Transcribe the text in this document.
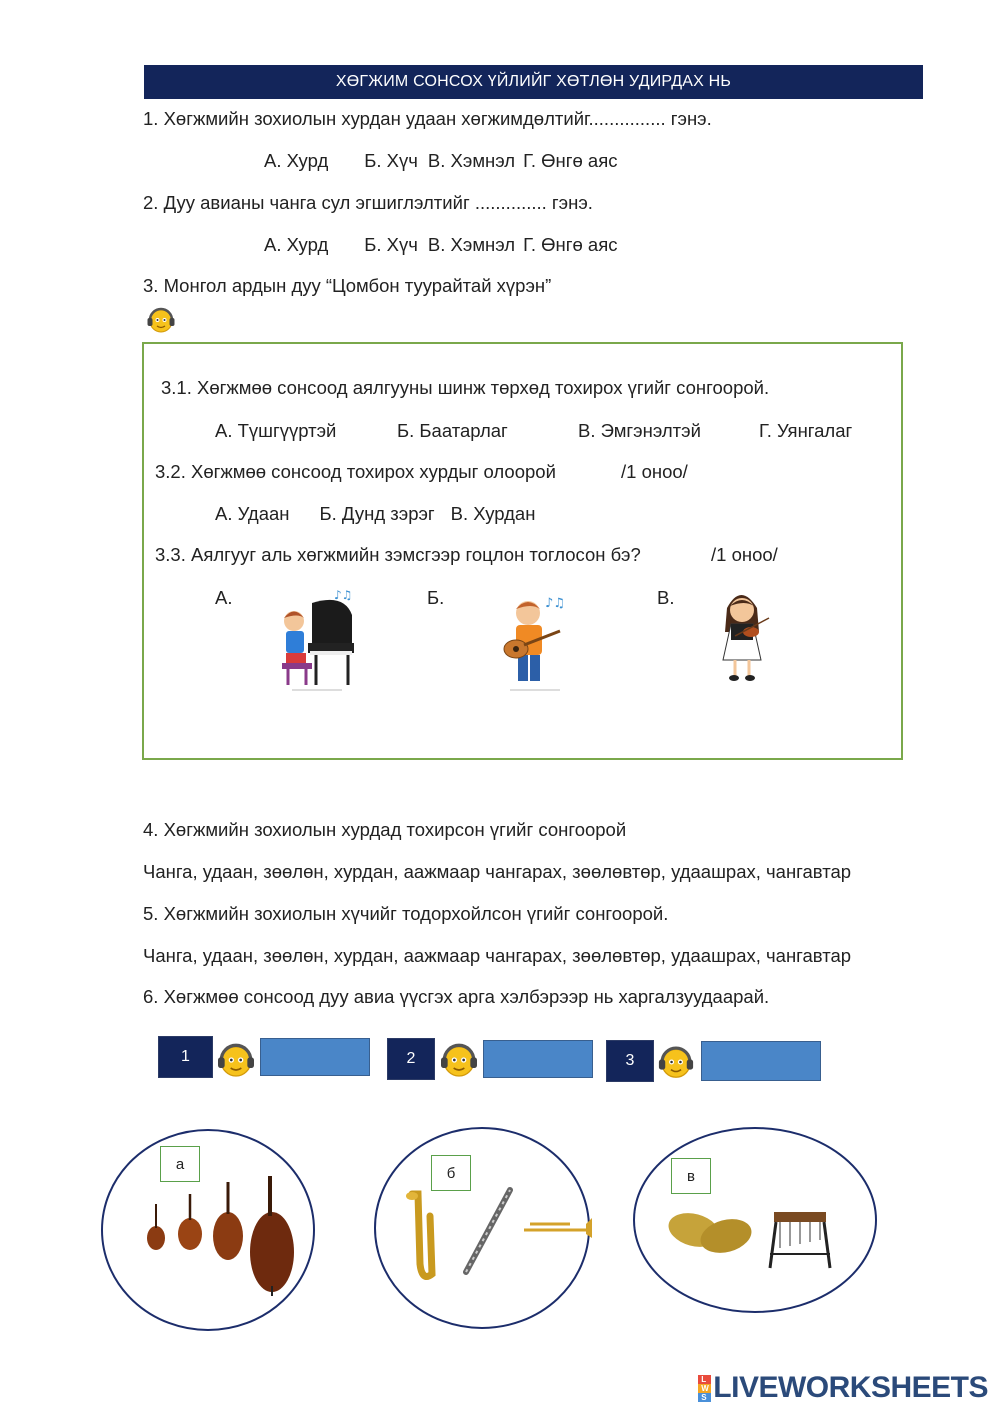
ХӨГЖИМ СОНСОХ ҮЙЛИЙГ ХӨТЛӨН УДИРДАХ НЬ
1. Хөгжмийн зохиолын хурдан удаан хөгжимдөлтийг............... гэнэ.
А. Хурд Б. Хүч В. Хэмнэл Г. Өнгө аяс
2. Дуу авианы чанга сул эгшиглэлтийг .............. гэнэ.
А. Хурд Б. Хүч В. Хэмнэл Г. Өнгө аяс
3. Монгол ардын дуу “Цомбон туурайтай хүрэн”
3.1. Хөгжмөө сонсоод аялгууны шинж төрхөд тохирох үгийг сонгоорой.
А. Түшгүүртэй	Б. Баатарлаг	В. Эмгэнэлтэй	Г. Уянгалаг
3.2. Хөгжмөө сонсоод тохирох хурдыг олоорой	/1 оноо/
А. Удаан Б. Дунд зэрэг В. Хурдан
3.3. Аялгууг аль хөгжмийн зэмсгээр гоцлон тоглосон бэ?	/1 оноо/
А.	Б.	В.
♪♫
♪♫
4. Хөгжмийн зохиолын хурдад тохирсон үгийг сонгоорой
Чанга, удаан, зөөлөн, хурдан, аажмаар чангарах, зөөлөвтөр, удаашрах, чангавтар
5. Хөгжмийн зохиолын хүчийг тодорхойлсон үгийг сонгоорой.
Чанга, удаан, зөөлөн, хурдан, аажмаар чангарах, зөөлөвтөр, удаашрах, чангавтар
6. Хөгжмөө сонсоод дуу авиа үүсгэх арга хэлбэрээр нь харгалзуудаарай.
1	2	3
а
б	в
L
W
S LIVEWORKSHEETS
